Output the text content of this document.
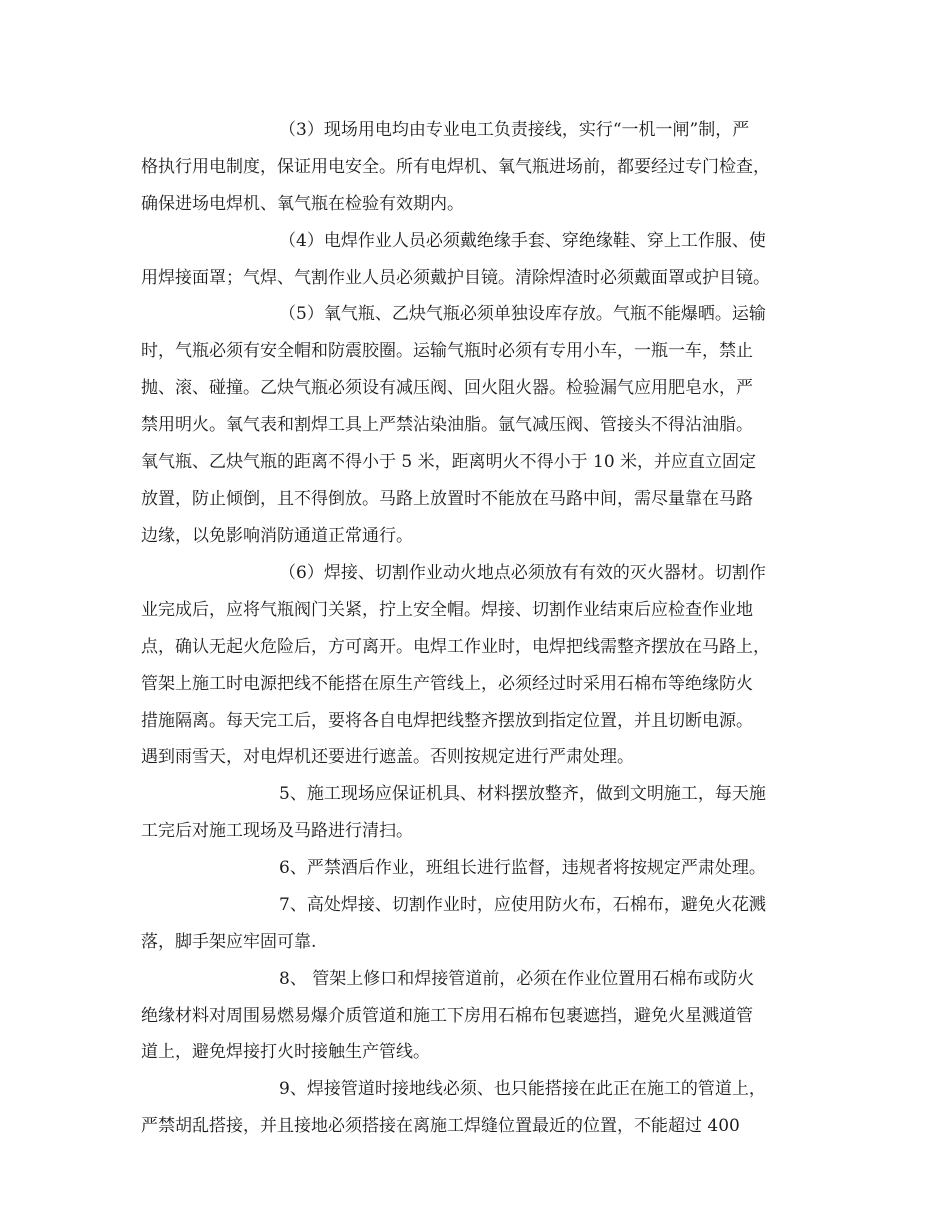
（3）现场用电均由专业电工负责接线，实行“一机一闸”制，严
格执行用电制度，保证用电安全。所有电焊机、氧气瓶进场前，都要经过专门检查，
确保进场电焊机、氧气瓶在检验有效期内。
（4）电焊作业人员必须戴绝缘手套、穿绝缘鞋、穿上工作服、使
用焊接面罩；气焊、气割作业人员必须戴护目镜。清除焊渣时必须戴面罩或护目镜。
（5）氧气瓶、乙炔气瓶必须单独设库存放。气瓶不能爆晒。运输
时，气瓶必须有安全帽和防震胶圈。运输气瓶时必须有专用小车，一瓶一车，禁止
抛、滚、碰撞。乙炔气瓶必须设有减压阀、回火阻火器。检验漏气应用肥皂水，严
禁用明火。氧气表和割焊工具上严禁沾染油脂。氩气减压阀、管接头不得沾油脂。
氧气瓶、乙炔气瓶的距离不得小于 5 米，距离明火不得小于 10 米，并应直立固定
放置，防止倾倒，且不得倒放。马路上放置时不能放在马路中间，需尽量靠在马路
边缘，以免影响消防通道正常通行。
（6）焊接、切割作业动火地点必须放有有效的灭火器材。切割作
业完成后，应将气瓶阀门关紧，拧上安全帽。焊接、切割作业结束后应检查作业地
点，确认无起火危险后，方可离开。电焊工作业时，电焊把线需整齐摆放在马路上，
管架上施工时电源把线不能搭在原生产管线上，必须经过时采用石棉布等绝缘防火
措施隔离。每天完工后，要将各自电焊把线整齐摆放到指定位置，并且切断电源。
遇到雨雪天，对电焊机还要进行遮盖。否则按规定进行严肃处理。
5、施工现场应保证机具、材料摆放整齐，做到文明施工，每天施
工完后对施工现场及马路进行清扫。
6、严禁酒后作业，班组长进行监督，违规者将按规定严肃处理。
7、高处焊接、切割作业时，应使用防火布，石棉布，避免火花溅
落，脚手架应牢固可靠.
8、 管架上修口和焊接管道前，必须在作业位置用石棉布或防火
绝缘材料对周围易燃易爆介质管道和施工下房用石棉布包裹遮挡，避免火星溅道管
道上，避免焊接打火时接触生产管线。
9、焊接管道时接地线必须、也只能搭接在此正在施工的管道上，
严禁胡乱搭接，并且接地必须搭接在离施工焊缝位置最近的位置，不能超过 400
